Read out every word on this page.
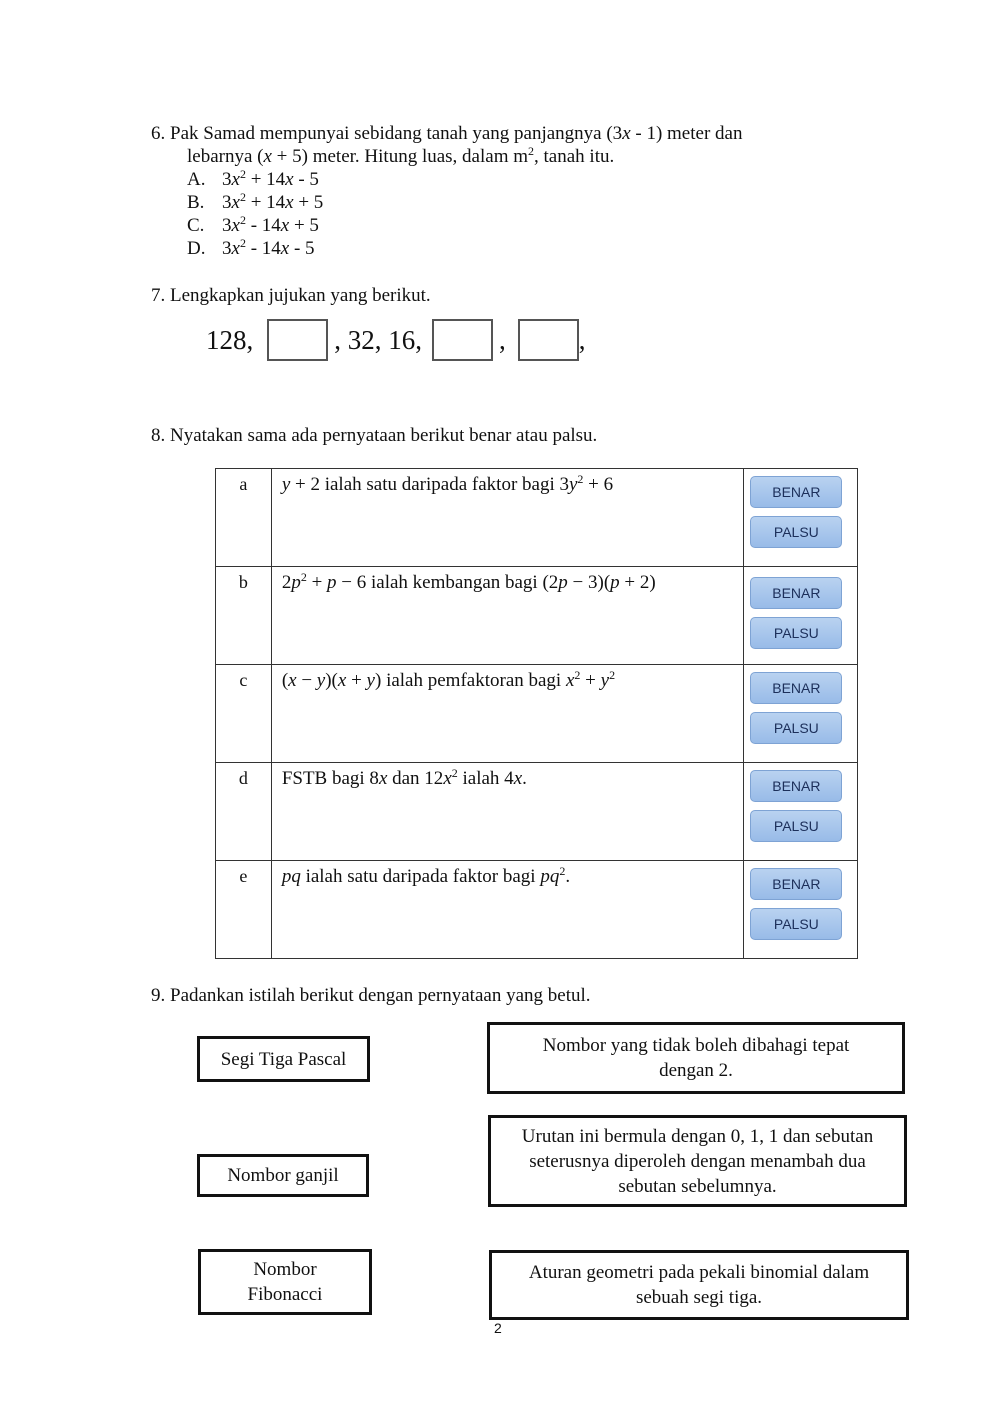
6. Pak Samad mempunyai sebidang tanah yang panjangnya (3x - 1) meter dan
lebarnya (x + 5) meter. Hitung luas, dalam $m^2$, tanah itu.
A. $3x^2 + 14x - 5$
B. $3x^2 + 14x + 5$
C. $3x^2 - 14x + 5$
D. $3x^2 - 14x - 5$
7. Lengkapkan jujukan yang berikut.
128,	, 32, 16,	,	,
8. Nyatakan sama ada pernyataan berikut benar atau palsu.
a	y + 2 ialah satu daripada faktor bagi $3y^2 + 6$	BENAR
PALSU

b	$2p^2 + p - 6$ ialah kembangan bagi (2p − 3)(p + 2)	BENAR
PALSU

c	(x − y)(x + y) ialah pemfaktoran bagi $x^2 + y^2$	BENAR
PALSU

d	FSTB bagi 8x dan $12x^2$ ialah 4x.	BENAR
PALSU

e	pq ialah satu daripada faktor bagi $pq^2$.	BENAR
PALSU
9. Padankan istilah berikut dengan pernyataan yang betul.
Segi Tiga Pascal
Nombor ganjil
Nombor
Fibonacci
Nombor yang tidak boleh dibahagi tepat
dengan 2.
Urutan ini bermula dengan 0, 1, 1 dan sebutan
seterusnya diperoleh dengan menambah dua
sebutan sebelumnya.
Aturan geometri pada pekali binomial dalam
sebuah segi tiga.
2
